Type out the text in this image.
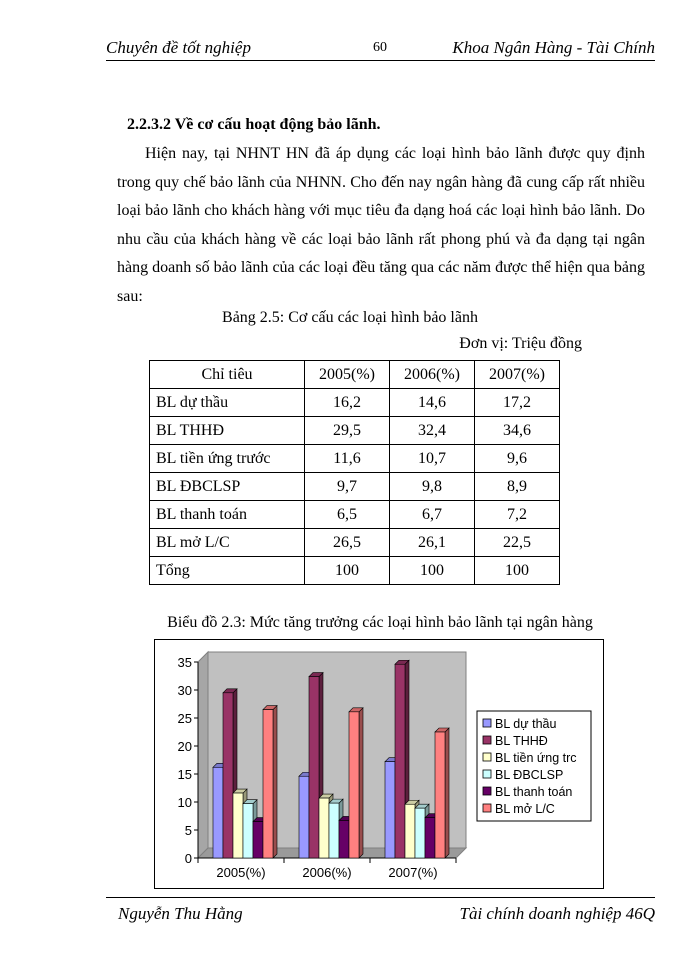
Chuyên đề tốt nghiệp	60	Khoa Ngân Hàng - Tài Chính
2.2.3.2 Về cơ cấu hoạt động bảo lãnh.
Hiện nay, tại NHNT HN đã áp dụng các loại hình bảo lãnh được quy định trong quy chế bảo lãnh của NHNN. Cho đến nay ngân hàng đã cung cấp rất nhiều loại bảo lãnh cho khách hàng với mục tiêu đa dạng hoá các loại hình bảo lãnh. Do nhu cầu của khách hàng về các loại bảo lãnh rất phong phú và đa dạng tại ngân hàng doanh số bảo lãnh của các loại đều tăng qua các năm được thể hiện qua bảng sau:
Bảng 2.5: Cơ cấu các loại hình bảo lãnh
Đơn vị: Triệu đồng
Chỉ tiêu	2005(%)	2006(%)	2007(%)
BL dự thầu	16,2	14,6	17,2
BL THHĐ	29,5	32,4	34,6
BL tiền ứng trước	11,6	10,7	9,6
BL ĐBCLSP	9,7	9,8	8,9
BL thanh toán	6,5	6,7	7,2
BL mở L/C	26,5	26,1	22,5
Tổng	100	100	100
Biểu đồ 2.3: Mức tăng trưởng các loại hình bảo lãnh tại ngân hàng
0
5
10
15
20
25
30
35
2005(%)	2006(%)	2007(%)
BL dự thầu
BL THHĐ
BL tiền ứng trc
BL ĐBCLSP
BL thanh toán
BL mở L/C
Nguyễn Thu Hằng	Tài chính doanh nghiệp 46Q
